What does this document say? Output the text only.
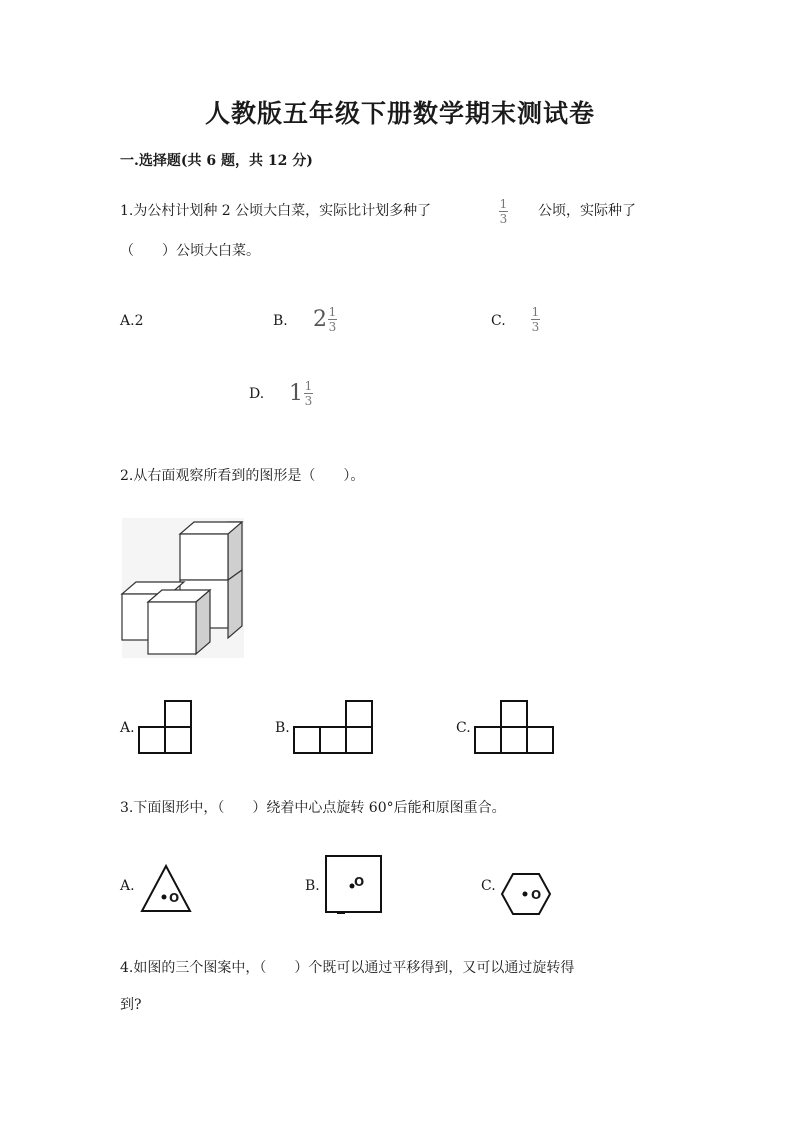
人教版五年级下册数学期末测试卷
一.选择题(共 6 题，共 12 分)
1.为公村计划种 2 公顷大白菜，实际比计划多种了	$\frac{1}{3}$ 公顷，实际种了
（　　）公顷大白菜。
A.2	B. $2 \frac{1}{3}$	C. $\frac{1}{3}$
D. $1 \frac{1}{3}$
2.从右面观察所看到的图形是（　　）。
A.	B.	C.
3.下面图形中，（　　）绕着中心点旋转 60°后能和原图重合。
A.
O
B.	O	C.
O
4.如图的三个图案中，（　　）个既可以通过平移得到，又可以通过旋转得
到?
